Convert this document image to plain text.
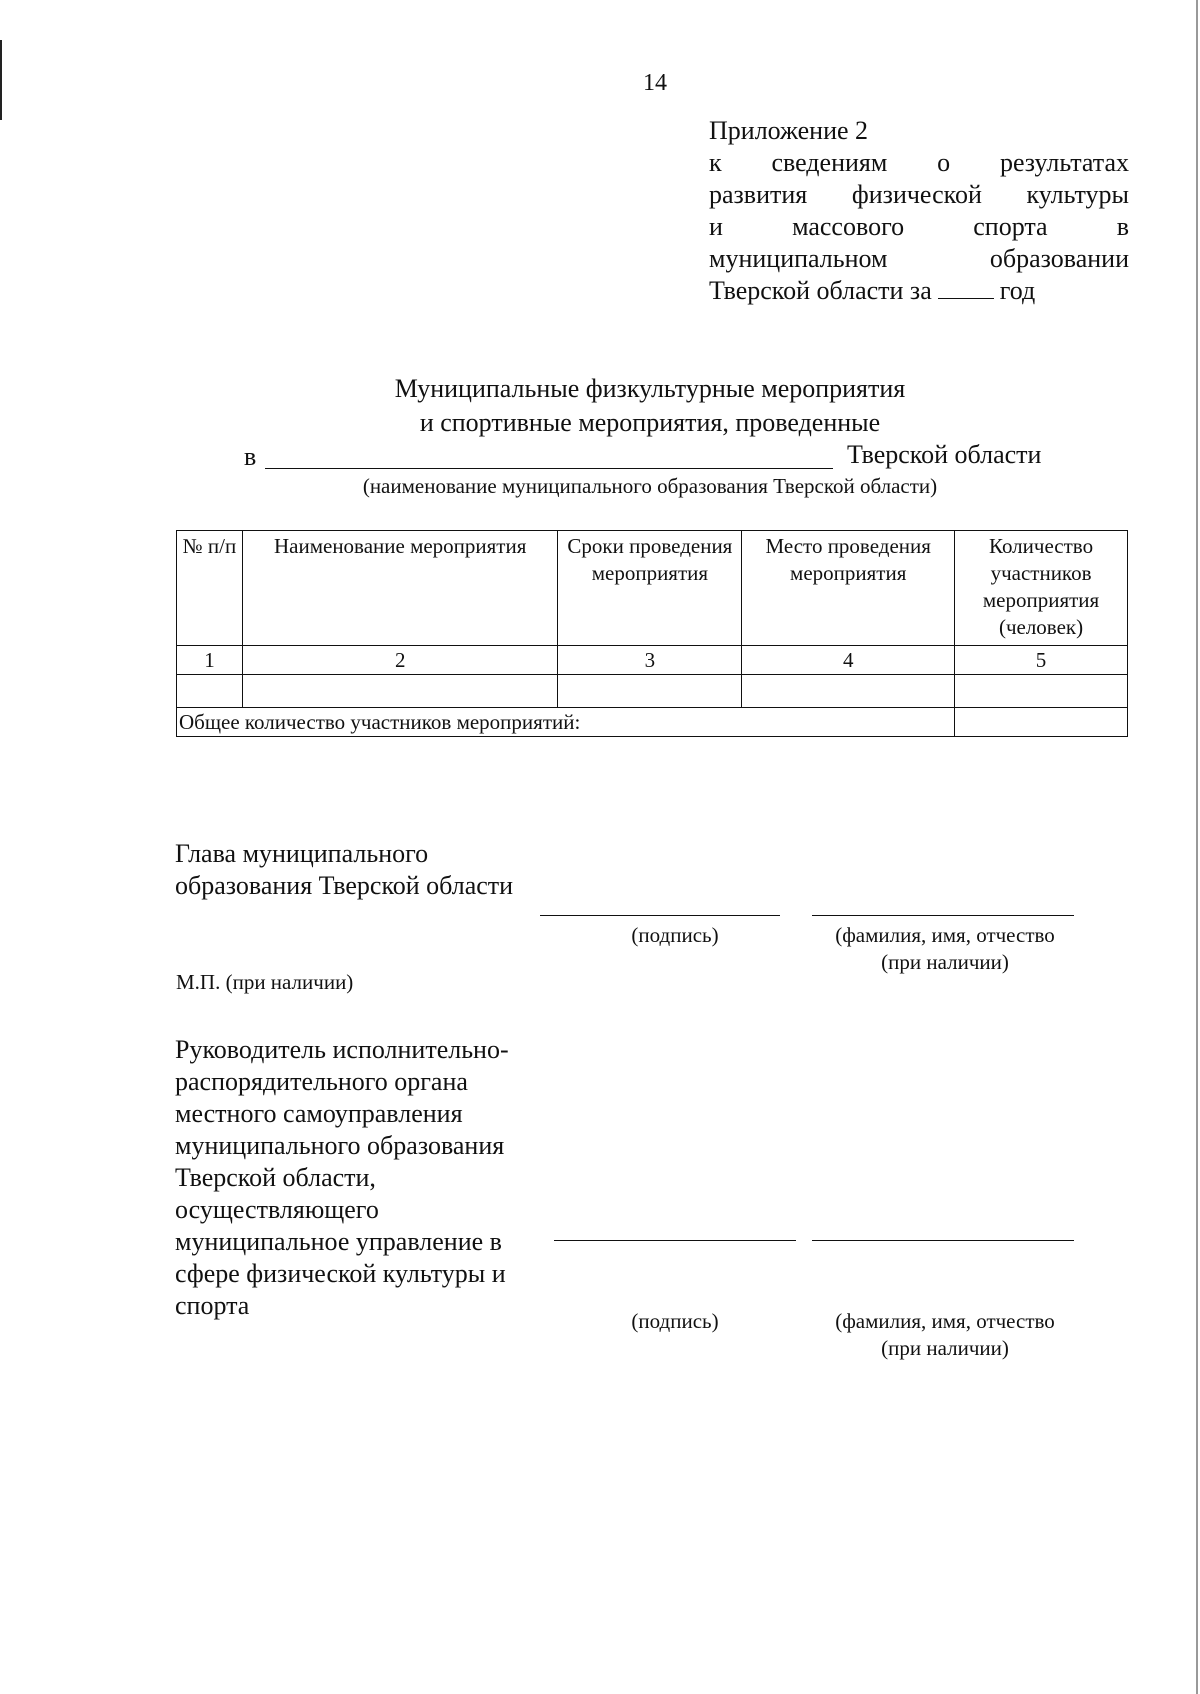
14
Приложение 2
к сведениям о результатах
развития физической культуры
и	массового	спорта	в
муниципальном	образовании
Тверской области за	год
Муниципальные физкультурные мероприятия
и спортивные мероприятия, проведенные
в	Тверской области
(наименование муниципального образования Тверской области)
№ п/п	Наименование мероприятия	Сроки проведения мероприятия	Место проведения мероприятия	Количество участников мероприятия (человек)
1	2	3	4	5

Общее количество участников мероприятий:				
Глава муниципального образования Тверской области
(подпись)	(фамилия, имя, отчество
(при наличии)
М.П. (при наличии)
Руководитель исполнительно-распорядительного органа местного самоуправления муниципального образования Тверской области, осуществляющего муниципальное управление в сфере физической культуры и спорта
(подпись)	(фамилия, имя, отчество
(при наличии)
